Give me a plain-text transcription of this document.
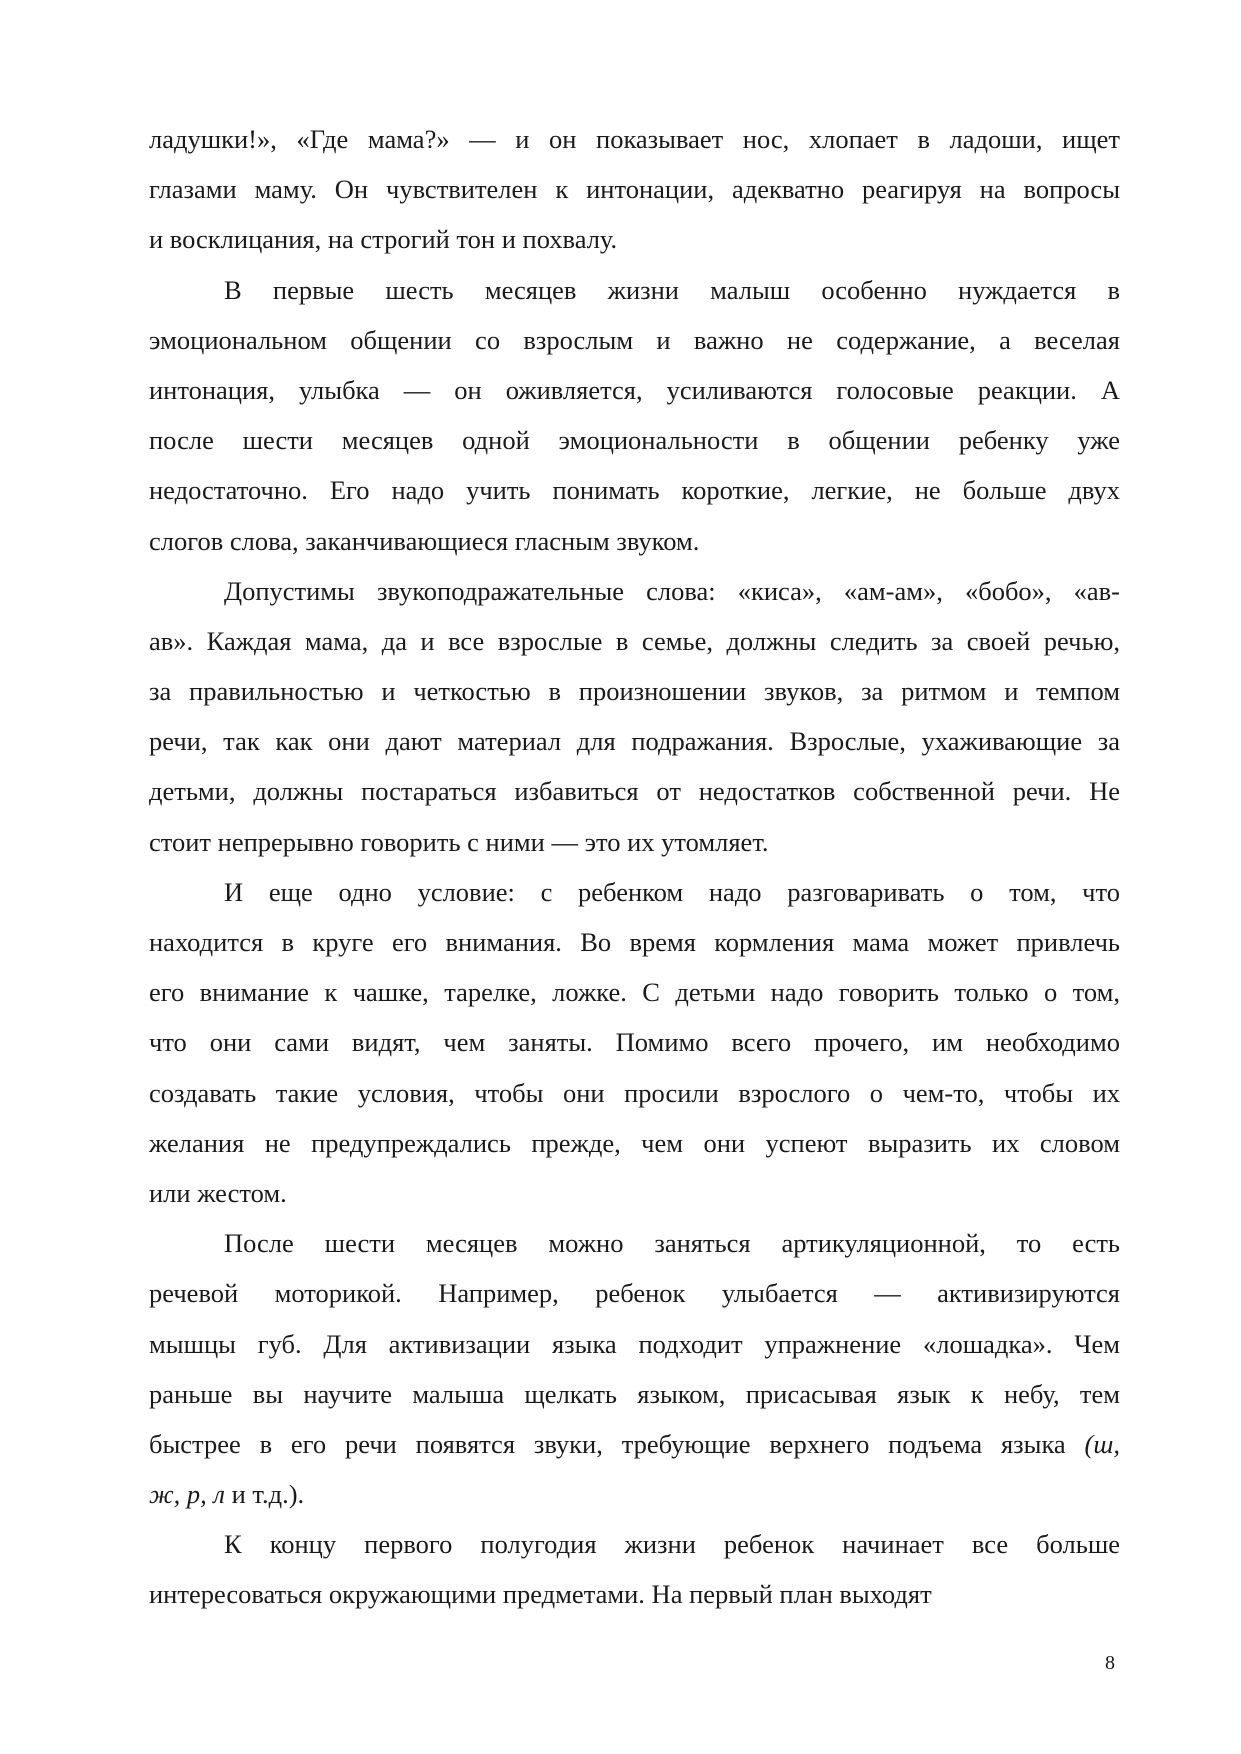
ладушки!», «Где мама?» — и он показывает нос, хлопает в ладоши, ищет
глазами маму. Он чувствителен к интонации, адекватно реагируя на вопросы
и восклицания, на строгий тон и похвалу.
В первые шесть месяцев жизни малыш особенно нуждается в
эмоциональном общении со взрослым и важно не содержание, а веселая
интонация, улыбка — он оживляется, усиливаются голосовые реакции. А
после шести месяцев одной эмоциональности в общении ребенку уже
недостаточно. Его надо учить понимать короткие, легкие, не больше двух
слогов слова, заканчивающиеся гласным звуком.
Допустимы звукоподражательные слова: «киса», «ам-ам», «бобо», «ав-
ав». Каждая мама, да и все взрослые в семье, должны следить за своей речью,
за правильностью и четкостью в произношении звуков, за ритмом и темпом
речи, так как они дают материал для подражания. Взрослые, ухаживающие за
детьми, должны постараться избавиться от недостатков собственной речи. Не
стоит непрерывно говорить с ними — это их утомляет.
И еще одно условие: с ребенком надо разговаривать о том, что
находится в круге его внимания. Во время кормления мама может привлечь
его внимание к чашке, тарелке, ложке. С детьми надо говорить только о том,
что они сами видят, чем заняты. Помимо всего прочего, им необходимо
создавать такие условия, чтобы они просили взрослого о чем-то, чтобы их
желания не предупреждались прежде, чем они успеют выразить их словом
или жестом.
После шести месяцев можно заняться артикуляционной, то есть
речевой моторикой. Например, ребенок улыбается — активизируются
мышцы губ. Для активизации языка подходит упражнение «лошадка». Чем
раньше вы научите малыша щелкать языком, присасывая язык к небу, тем
быстрее в его речи появятся звуки, требующие верхнего подъема языка (ш,
ж, р, л и т.д.).
К концу первого полугодия жизни ребенок начинает все больше
интересоваться окружающими предметами. На первый план выходят
8
